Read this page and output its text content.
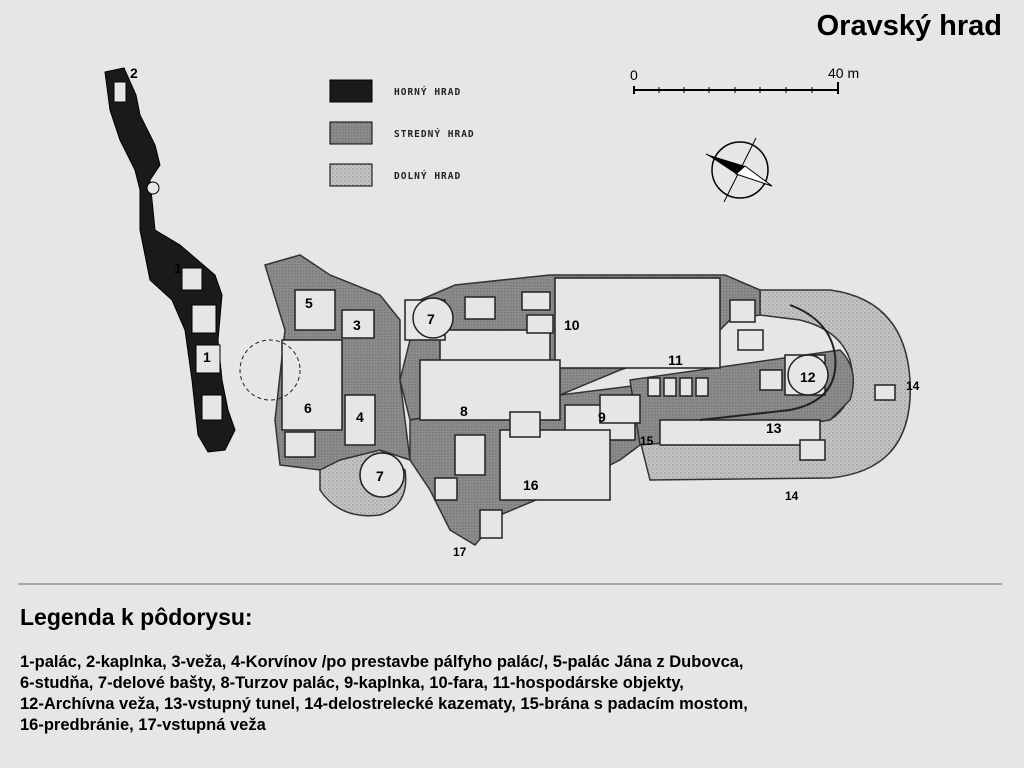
Oravský hrad
HORNÝ HRAD
STREDNÝ HRAD
DOLNÝ HRAD
0	40 m
1
1
2
3
4
5
6
7
7
8	9
10
11
12
13
14
14
15
16
17
Legenda k pôdorysu:
1-palác, 2-kaplnka, 3-veža, 4-Korvínov /po prestavbe pálfyho palác/, 5-palác Jána z Dubovca,
6-studňa, 7-delové bašty, 8-Turzov palác, 9-kaplnka, 10-fara, 11-hospodárske objekty,
12-Archívna veža, 13-vstupný tunel, 14-delostrelecké kazematy, 15-brána s padacím mostom,
16-predbránie, 17-vstupná veža
